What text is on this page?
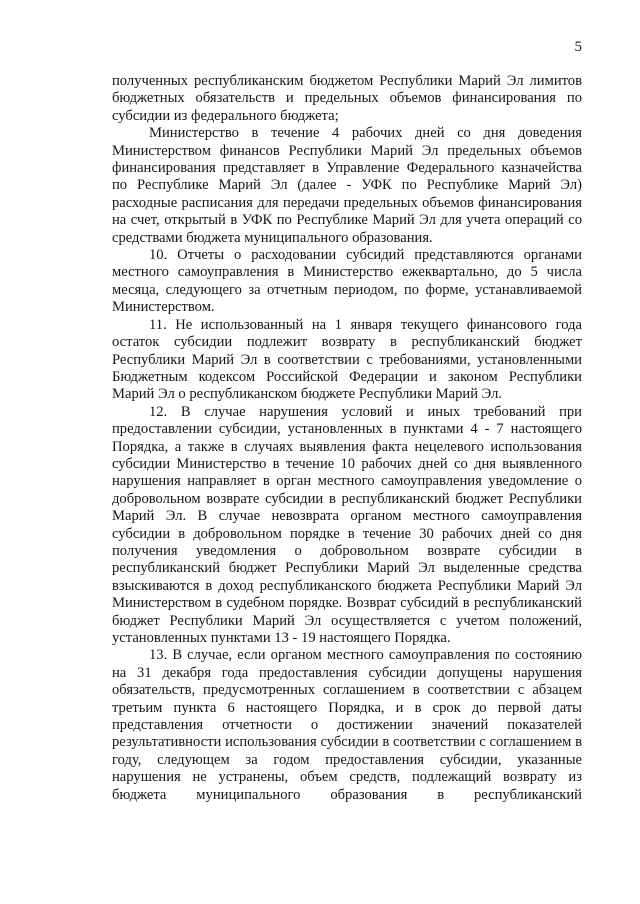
5

полученных республиканским бюджетом Республики Марий Эл лимитов бюджетных обязательств и предельных объемов финансирования по субсидии из федерального бюджета;

Министерство в течение 4 рабочих дней со дня доведения Министерством финансов Республики Марий Эл предельных объемов финансирования представляет в Управление Федерального казначейства по Республике Марий Эл (далее - УФК по Республике Марий Эл) расходные расписания для передачи предельных объемов финансирования на счет, открытый в УФК по Республике Марий Эл для учета операций со средствами бюджета муниципального образования.

10. Отчеты о расходовании субсидий представляются органами местного самоуправления в Министерство ежеквартально, до 5 числа месяца, следующего за отчетным периодом, по форме, устанавливаемой Министерством.

11. Не использованный на 1 января текущего финансового года остаток субсидии подлежит возврату в республиканский бюджет Республики Марий Эл в соответствии с требованиями, установленными Бюджетным кодексом Российской Федерации и законом Республики Марий Эл о республиканском бюджете Республики Марий Эл.

12. В случае нарушения условий и иных требований при предоставлении субсидии, установленных в пунктами 4 - 7 настоящего Порядка, а также в случаях выявления факта нецелевого использования субсидии Министерство в течение 10 рабочих дней со дня выявленного нарушения направляет в орган местного самоуправления уведомление о добровольном возврате субсидии в республиканский бюджет Республики Марий Эл. В случае невозврата органом местного самоуправления субсидии в добровольном порядке в течение 30 рабочих дней со дня получения уведомления о добровольном возврате субсидии в республиканский бюджет Республики Марий Эл выделенные средства взыскиваются в доход республиканского бюджета Республики Марий Эл Министерством в судебном порядке. Возврат субсидий в республиканский бюджет Республики Марий Эл осуществляется с учетом положений, установленных пунктами 13 - 19 настоящего Порядка.

13. В случае, если органом местного самоуправления по состоянию на 31 декабря года предоставления субсидии допущены нарушения обязательств, предусмотренных соглашением в соответствии с абзацем третьим пункта 6 настоящего Порядка, и в срок до первой даты представления отчетности о достижении значений показателей результативности использования субсидии в соответствии с соглашением в году, следующем за годом предоставления субсидии, указанные нарушения не устранены, объем средств, подлежащий возврату из бюджета муниципального образования в республиканский
